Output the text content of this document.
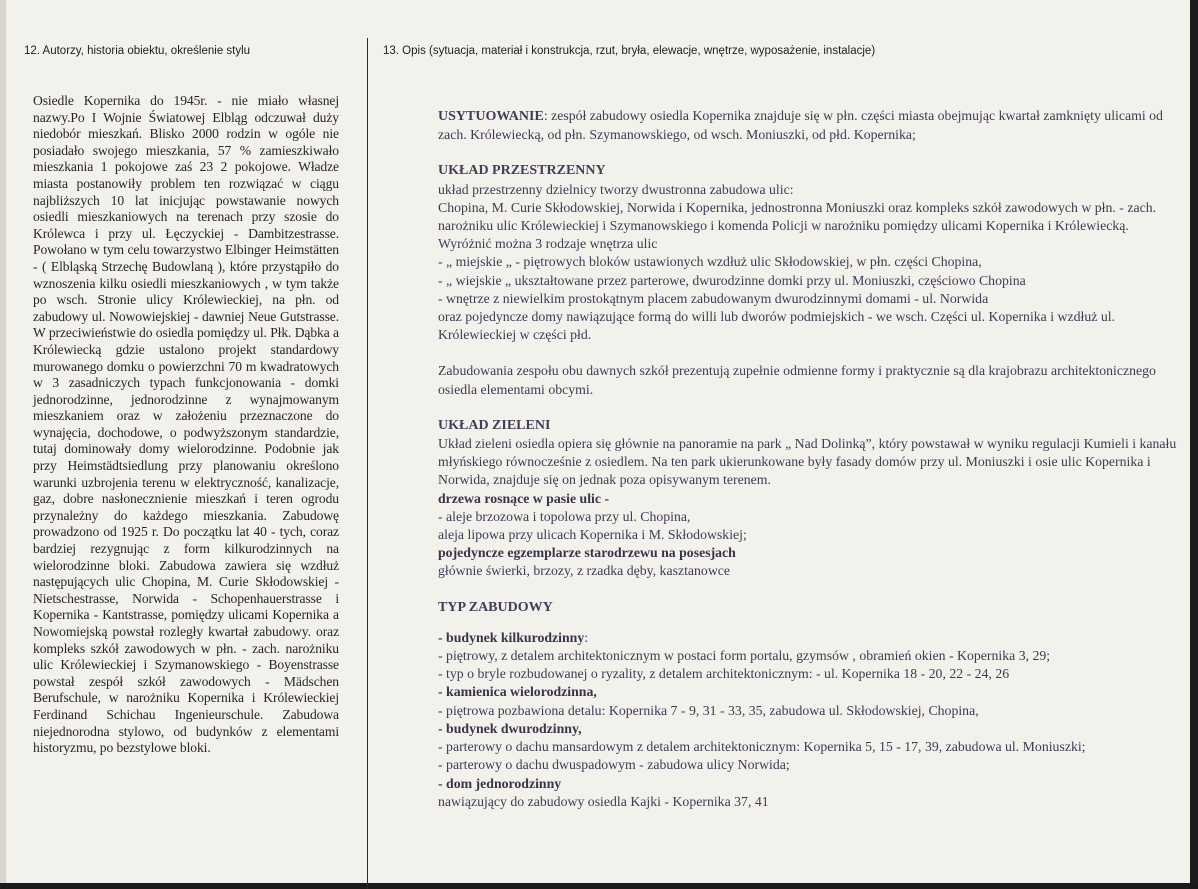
12. Autorzy, historia obiektu, określenie stylu	13. Opis (sytuacja, materiał i konstrukcja, rzut, bryła, elewacje, wnętrze, wyposażenie, instalacje)

Osiedle Kopernika do 1945r. - nie miało własnej nazwy.Po I Wojnie Światowej Elbląg odczuwał duży niedobór mieszkań. Blisko 2000 rodzin w ogóle nie posiadało swojego mieszkania, 57 % zamieszkiwało mieszkania 1 pokojowe zaś 23 2 pokojowe. Władze miasta postanowiły problem ten rozwiązać w ciągu najbliższych 10 lat inicjując powstawanie nowych osiedli mieszkaniowych na terenach przy szosie do Królewca i przy ul. Łęczyckiej - Dambitzestrasse. Powołano w tym celu towarzystwo Elbinger Heimstätten - ( Elbląską Strzechę Budowlaną ), które przystąpiło do wznoszenia kilku osiedli mieszkaniowych , w tym także po wsch. Stronie ulicy Królewieckiej, na płn. od zabudowy ul. Nowowiejskiej - dawniej Neue Gutstrasse. W przeciwieństwie do osiedla pomiędzy ul. Płk. Dąbka a Królewiecką gdzie ustalono projekt standardowy murowanego domku o powierzchni 70 m kwadratowych w 3 zasadniczych typach funkcjonowania - domki jednorodzinne, jednorodzinne z wynajmowanym mieszkaniem oraz w założeniu przeznaczone do wynajęcia, dochodowe, o podwyższonym standardzie, tutaj dominowały domy wielorodzinne. Podobnie jak przy Heimstädtsiedlung przy planowaniu określono warunki uzbrojenia terenu w elektryczność, kanalizacje, gaz, dobre nasłonecznienie mieszkań i teren ogrodu przynależny do każdego mieszkania. Zabudowę prowadzono od 1925 r. Do początku lat 40 - tych, coraz bardziej rezygnując z form kilkurodzinnych na wielorodzinne bloki. Zabudowa zawiera się wzdłuż następujących ulic Chopina, M. Curie Skłodowskiej - Nietschestrasse, Norwida - Schopenhauerstrasse i Kopernika - Kantstrasse, pomiędzy ulicami Kopernika a Nowomiejską powstał rozległy kwartał zabudowy. oraz kompleks szkół zawodowych w płn. - zach. narożniku ulic Królewieckiej i Szymanowskiego - Boyenstrasse powstał zespół szkół zawodowych - Mädschen Berufschule, w narożniku Kopernika i Królewieckiej Ferdinand Schichau Ingenieurschule. Zabudowa niejednorodna stylowo, od budynków z elementami historyzmu, po bezstylowe bloki.

USYTUOWANIE: zespół zabudowy osiedla Kopernika znajduje się w płn. części miasta obejmując kwartał zamknięty ulicami od zach. Królewiecką, od płn. Szymanowskiego, od wsch. Moniuszki, od płd. Kopernika;

UKŁAD PRZESTRZENNY

układ przestrzenny dzielnicy tworzy dwustronna zabudowa ulic:

Chopina, M. Curie Skłodowskiej, Norwida i Kopernika, jednostronna Moniuszki oraz kompleks szkół zawodowych w płn. - zach. narożniku ulic Królewieckiej i Szymanowskiego i komenda Policji w narożniku pomiędzy ulicami Kopernika i Królewiecką.

Wyróżnić można 3 rodzaje wnętrza ulic

- „ miejskie „ - piętrowych bloków ustawionych wzdłuż ulic Skłodowskiej, w płn. części Chopina,

- „ wiejskie „ ukształtowane przez parterowe, dwurodzinne domki przy ul. Moniuszki, częściowo Chopina

- wnętrze z niewielkim prostokątnym placem zabudowanym dwurodzinnymi domami - ul. Norwida

oraz pojedyncze domy nawiązujące formą do willi lub dworów podmiejskich - we wsch. Części ul. Kopernika i wzdłuż ul. Królewieckiej w części płd.

Zabudowania zespołu obu dawnych szkół prezentują zupełnie odmienne formy i praktycznie są dla krajobrazu architektonicznego osiedla elementami obcymi.

UKŁAD ZIELENI

Układ zieleni osiedla opiera się głównie na panoramie na park „ Nad Dolinką”, który powstawał w wyniku regulacji Kumieli i kanału młyńskiego równocześnie z osiedlem. Na ten park ukierunkowane były fasady domów przy ul. Moniuszki i osie ulic Kopernika i Norwida, znajduje się on jednak poza opisywanym terenem.

drzewa rosnące w pasie ulic -

- aleje brzozowa i topolowa przy ul. Chopina,

aleja lipowa przy ulicach Kopernika i M. Skłodowskiej;

pojedyncze egzemplarze starodrzewu na posesjach

głównie świerki, brzozy, z rzadka dęby, kasztanowce

TYP ZABUDOWY

- budynek kilkurodzinny:

- piętrowy, z detalem architektonicznym w postaci form portalu, gzymsów , obramień okien - Kopernika 3, 29;

- typ o bryle rozbudowanej o ryzality, z detalem architektonicznym: - ul. Kopernika 18 - 20, 22 - 24, 26

- kamienica wielorodzinna,

- piętrowa pozbawiona detalu: Kopernika 7 - 9, 31 - 33, 35, zabudowa ul. Skłodowskiej, Chopina,

- budynek dwurodzinny,

- parterowy o dachu mansardowym z detalem architektonicznym: Kopernika 5, 15 - 17, 39, zabudowa ul. Moniuszki;

- parterowy o dachu dwuspadowym - zabudowa ulicy Norwida;

- dom jednorodzinny

nawiązujący do zabudowy osiedla Kajki - Kopernika 37, 41
